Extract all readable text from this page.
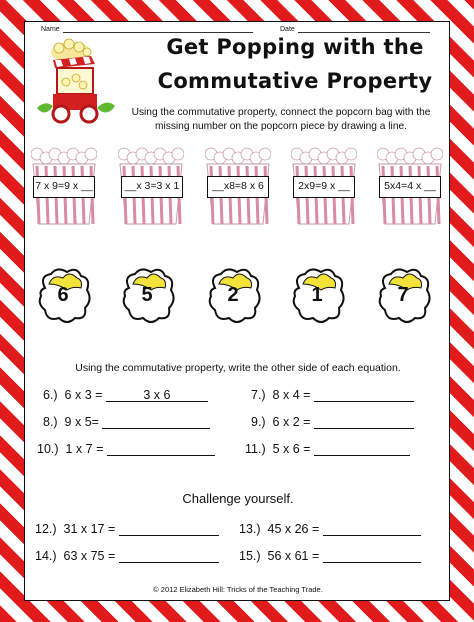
Name	Date
Get Popping with the
Commutative Property
Using the commutative property, connect the popcorn bag with the missing number on the popcorn piece by drawing a line.
7 x 9=9 x __	__x 3=3 x 1	__x8=8 x 6	2x9=9 x __	5x4=4 x __
6	5	2	1	7
Using the commutative property, write the other side of each equation.
6.) 6 x 3 =	3 x 6	7.) 8 x 4 =
8.) 9 x 5=	9.) 6 x 2 =
10.) 1 x 7 =	11.) 5 x 6 =
Challenge yourself.
12.) 31 x 17 =	13.) 45 x 26 =
14.) 63 x 75 =	15.) 56 x 61 =
© 2012 Elizabeth Hill: Tricks of the Teaching Trade.
